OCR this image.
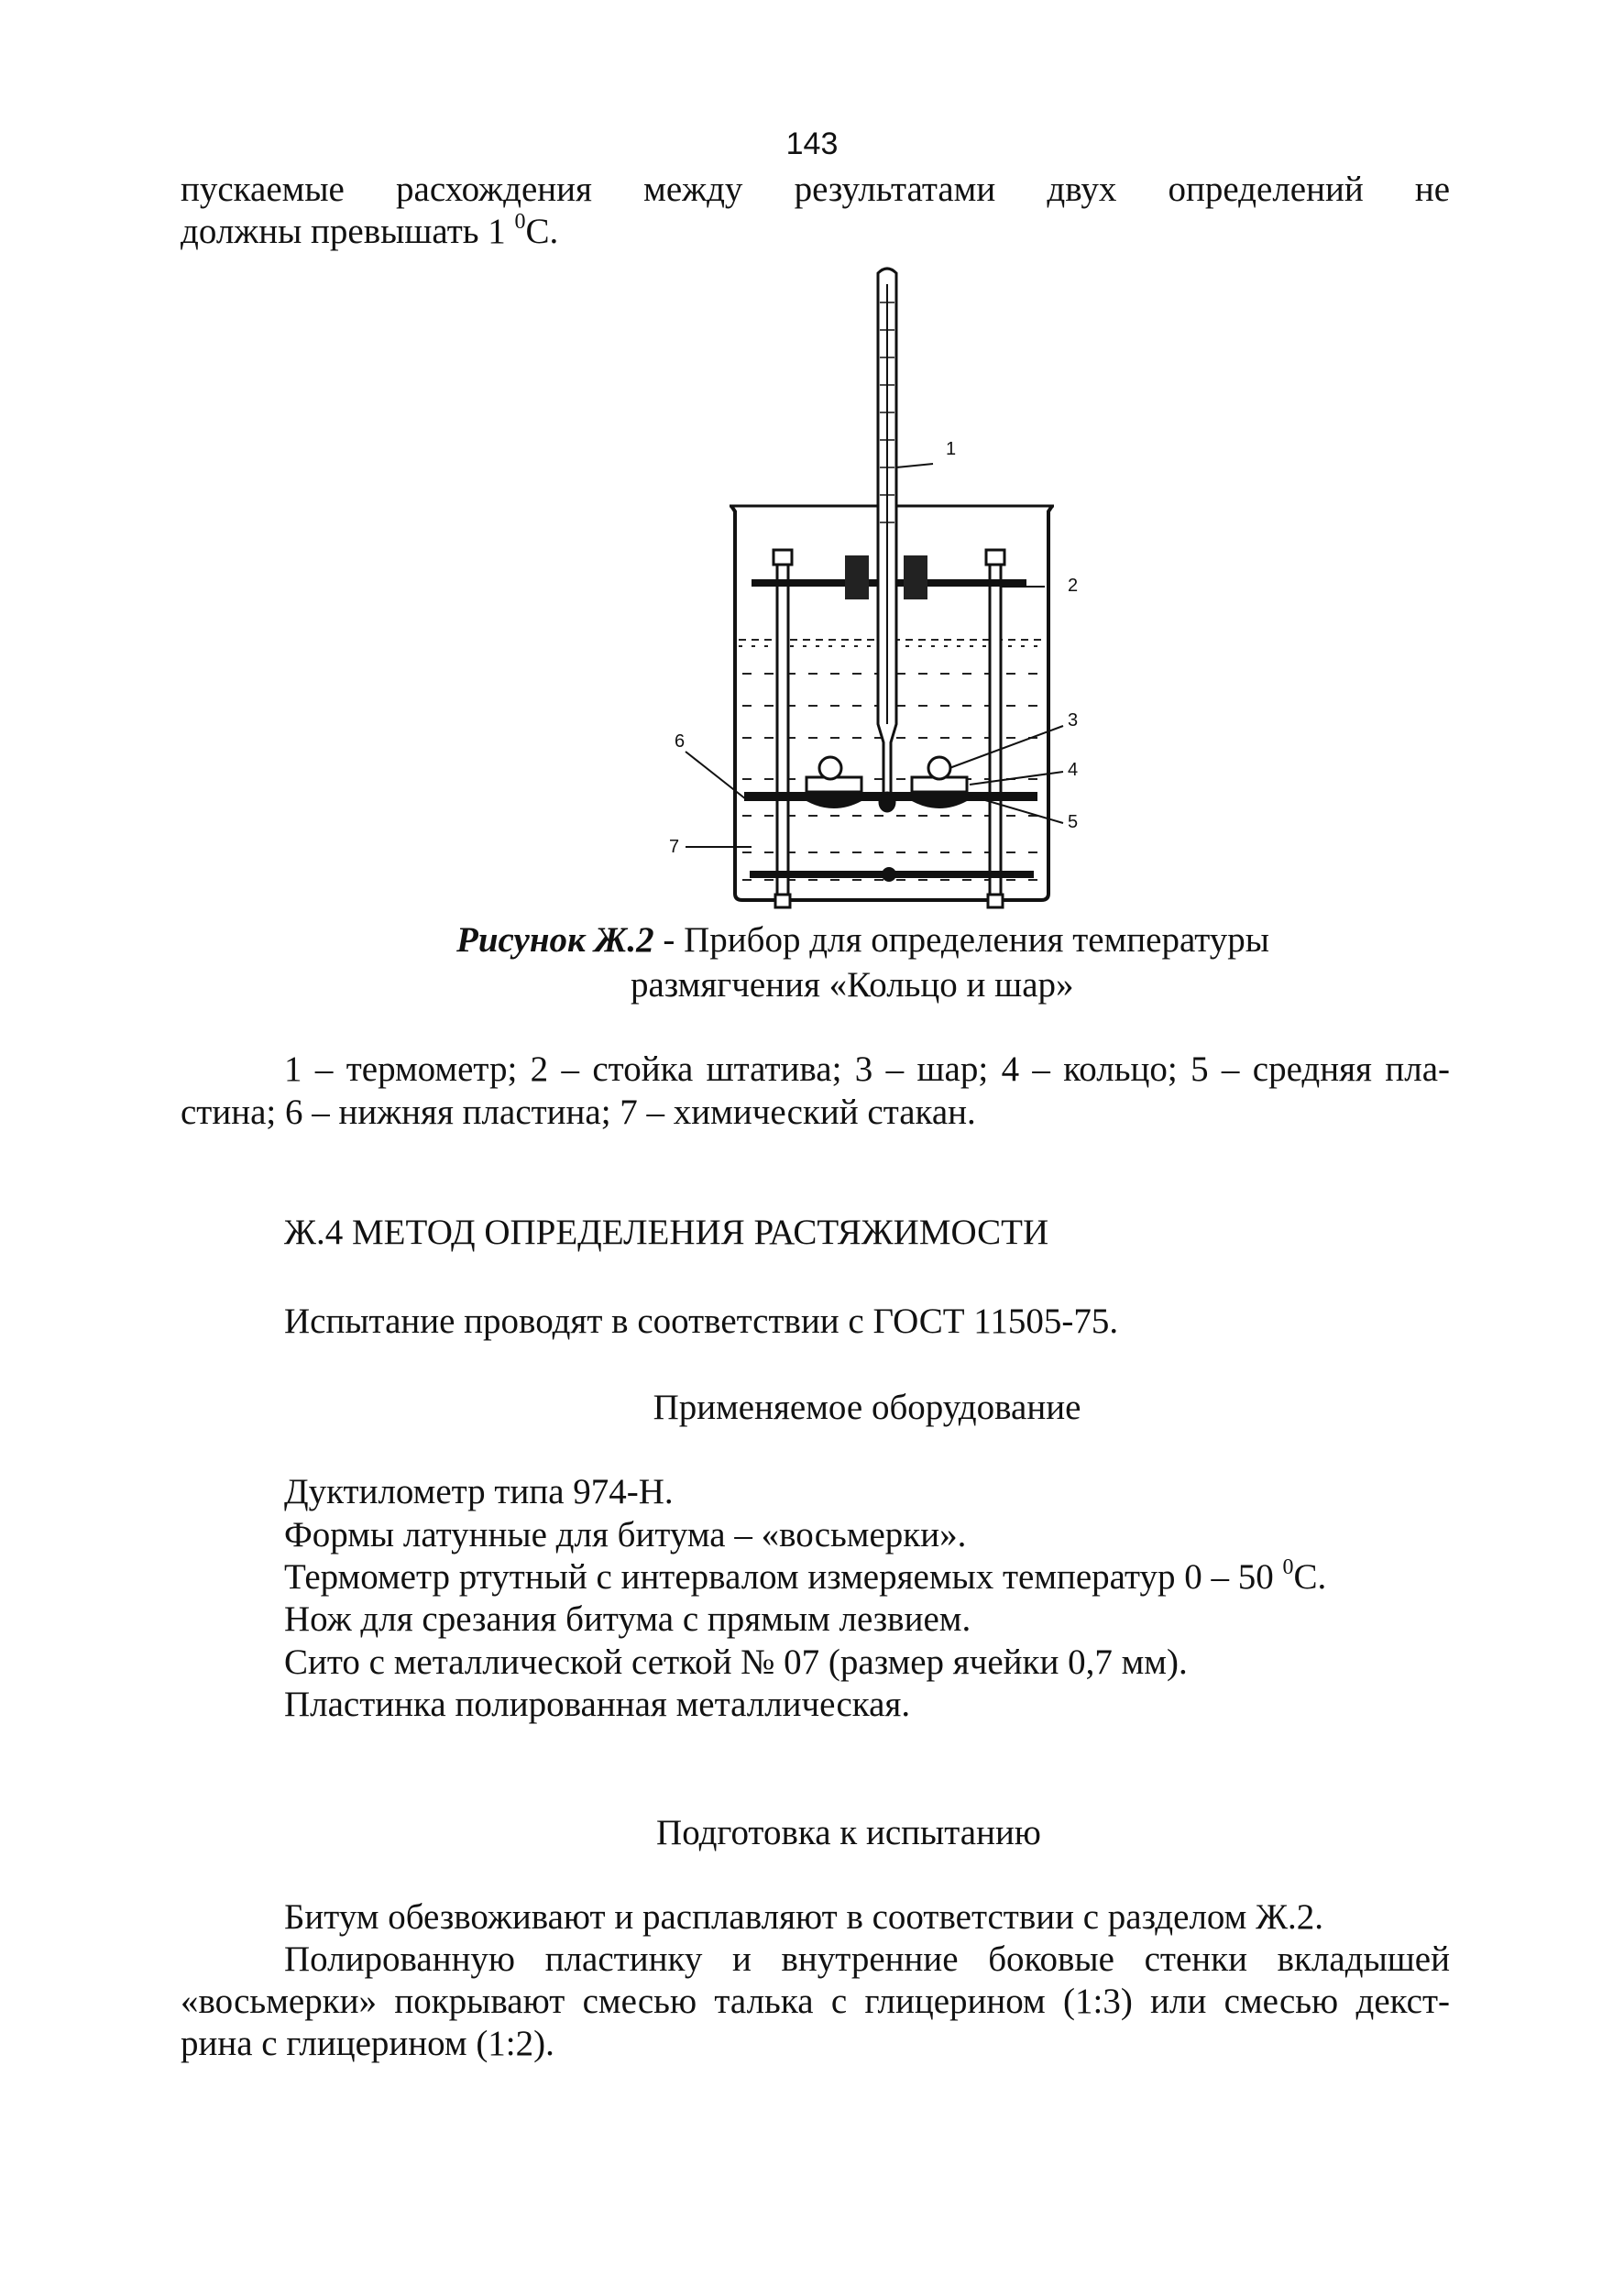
143
пускаемые расхождения между результатами двух определений не
должны превышать 1 $^0$С.
1
2
3
4
5
6
7
Рисунок Ж.2 - Прибор для определения температуры
размягчения «Кольцо и шар»
1 – термометр; 2 – стойка штатива; 3 – шар; 4 – кольцо; 5 – средняя пла-
стина; 6 – нижняя пластина; 7 – химический стакан.
Ж.4 МЕТОД ОПРЕДЕЛЕНИЯ РАСТЯЖИМОСТИ
Испытание проводят в соответствии с ГОСТ 11505-75.
Применяемое оборудование
Дуктилометр типа 974-Н.
Формы латунные для битума – «восьмерки».
Термометр ртутный с интервалом измеряемых температур 0 – 50 $^0$С.
Нож для срезания битума с прямым лезвием.
Сито с металлической сеткой № 07 (размер ячейки 0,7 мм).
Пластинка полированная металлическая.
Подготовка к испытанию
Битум обезвоживают и расплавляют в соответствии с разделом Ж.2.
Полированную пластинку и внутренние боковые стенки вкладышей
«восьмерки» покрывают смесью талька с глицерином (1:3) или смесью декст-
рина с глицерином (1:2).
